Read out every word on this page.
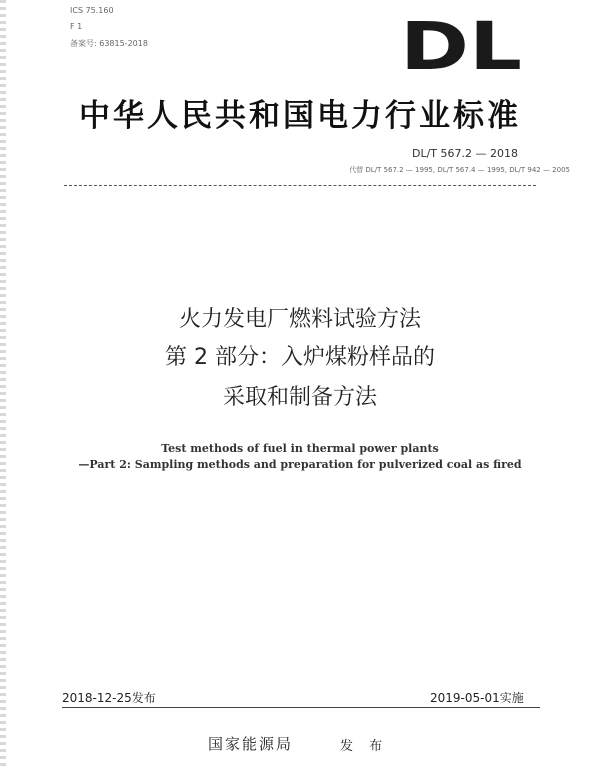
ICS 75.160
F 1
备案号: 63815-2018	DL
中华人民共和国电力行业标准
DL/T 567.2 — 2018
代替 DL/T 567.2 — 1995, DL/T 567.4 — 1995, DL/T 942 — 2005
火力发电厂燃料试验方法
第 2 部分：入炉煤粉样品的
采取和制备方法
Test methods of fuel in thermal power plants
—Part 2: Sampling methods and preparation for pulverized coal as fired
2018-12-25发布	2019-05-01实施
国家能源局	发 布
